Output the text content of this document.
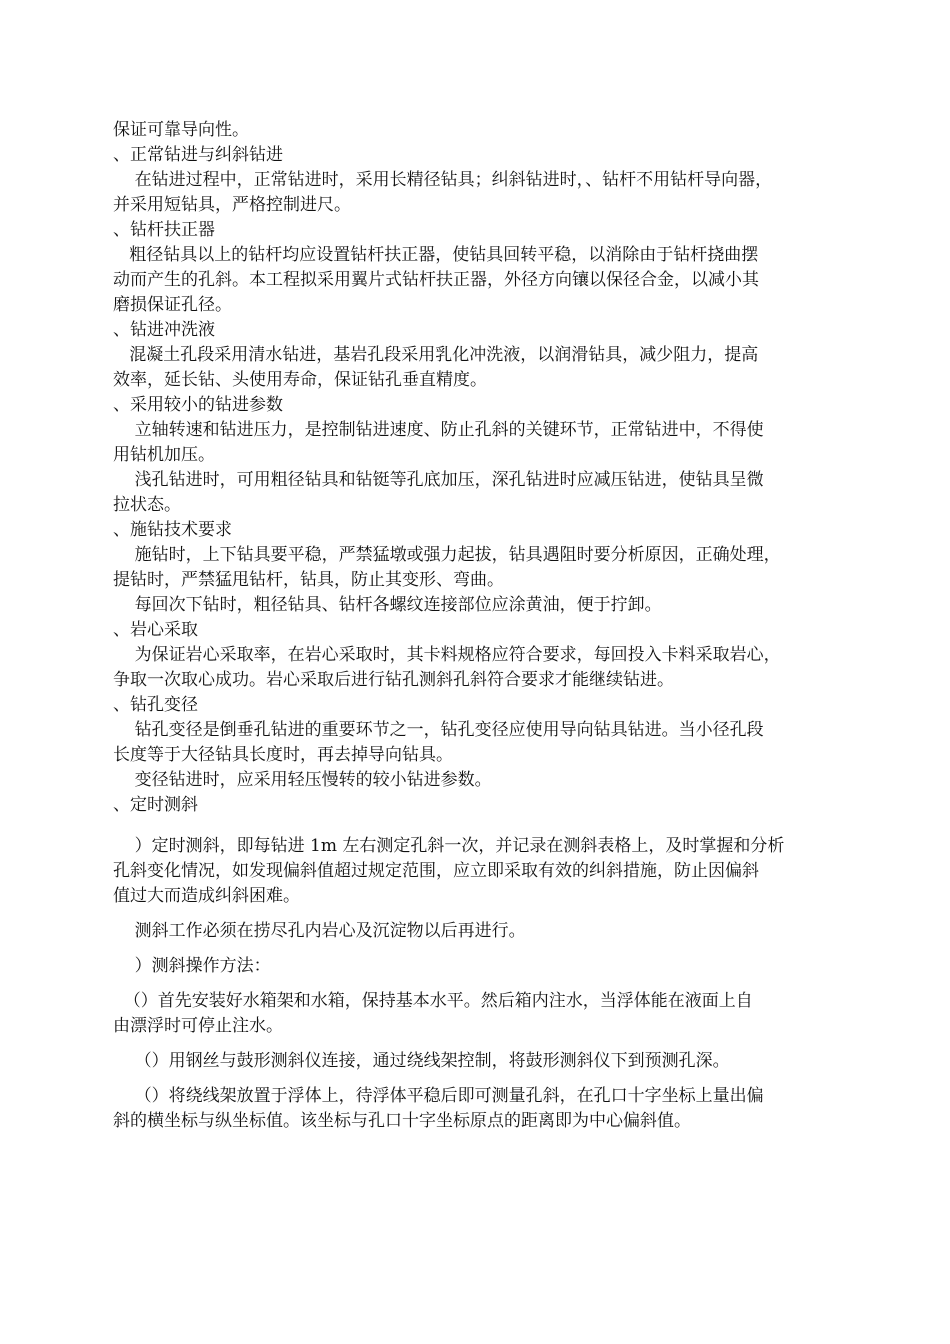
保证可靠导向性。
、正常钻进与纠斜钻进
在钻进过程中，正常钻进时，采用长精径钻具；纠斜钻进时，、钻杆不用钻杆导向器，
并采用短钻具，严格控制进尺。
、钻杆扶正器
粗径钻具以上的钻杆均应设置钻杆扶正器，使钻具回转平稳，以消除由于钻杆挠曲摆
动而产生的孔斜。本工程拟采用翼片式钻杆扶正器，外径方向镶以保径合金，以减小其
磨损保证孔径。
、钻进冲洗液
混凝土孔段采用清水钻进，基岩孔段采用乳化冲洗液，以润滑钻具，减少阻力，提高
效率，延长钻、头使用寿命，保证钻孔垂直精度。
、采用较小的钻进参数
立轴转速和钻进压力，是控制钻进速度、防止孔斜的关键环节，正常钻进中，不得使
用钻机加压。
浅孔钻进时，可用粗径钻具和钻铤等孔底加压，深孔钻进时应减压钻进，使钻具呈微
拉状态。
、施钻技术要求
施钻时，上下钻具要平稳，严禁猛墩或强力起拔，钻具遇阻时要分析原因，正确处理，
提钻时，严禁猛甩钻杆，钻具，防止其变形、弯曲。
每回次下钻时，粗径钻具、钻杆各螺纹连接部位应涂黄油，便于拧卸。
、岩心采取
为保证岩心采取率，在岩心采取时，其卡料规格应符合要求，每回投入卡料采取岩心，
争取一次取心成功。岩心采取后进行钻孔测斜孔斜符合要求才能继续钻进。
、钻孔变径
钻孔变径是倒垂孔钻进的重要环节之一，钻孔变径应使用导向钻具钻进。当小径孔段
长度等于大径钻具长度时，再去掉导向钻具。
变径钻进时，应采用轻压慢转的较小钻进参数。
、定时测斜
）定时测斜，即每钻进 1m 左右测定孔斜一次，并记录在测斜表格上，及时掌握和分析
孔斜变化情况，如发现偏斜值超过规定范围，应立即采取有效的纠斜措施，防止因偏斜
值过大而造成纠斜困难。
测斜工作必须在捞尽孔内岩心及沉淀物以后再进行。
）测斜操作方法：
（）首先安装好水箱架和水箱，保持基本水平。然后箱内注水，当浮体能在液面上自
由漂浮时可停止注水。
（）用钢丝与鼓形测斜仪连接，通过绕线架控制，将鼓形测斜仪下到预测孔深。
（）将绕线架放置于浮体上，待浮体平稳后即可测量孔斜，在孔口十字坐标上量出偏
斜的横坐标与纵坐标值。该坐标与孔口十字坐标原点的距离即为中心偏斜值。
